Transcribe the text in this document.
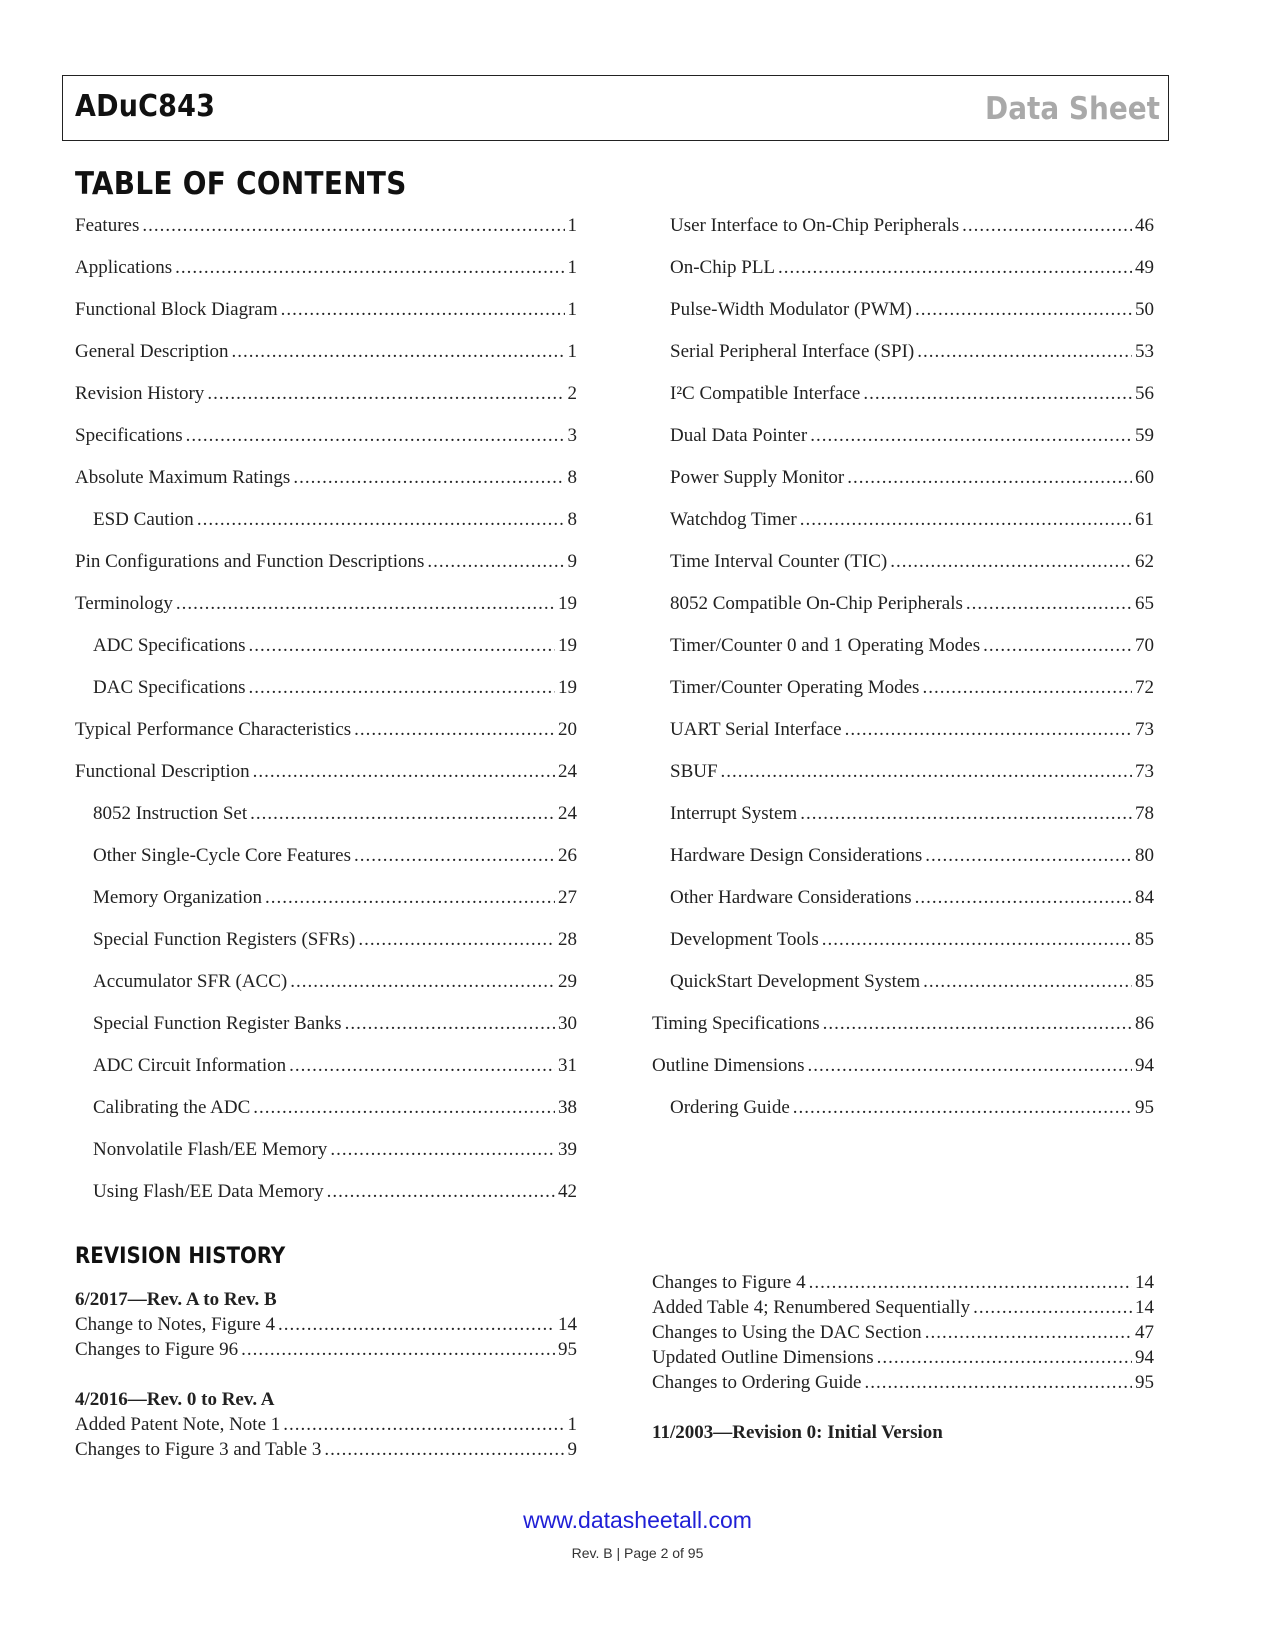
ADuC843	Data Sheet
TABLE OF CONTENTS
Features .....	1
Applications .....	1
Functional Block Diagram .....	1
General Description .....	1
Revision History .....	2
Specifications .....	3
Absolute Maximum Ratings .....	8
ESD Caution .....	8
Pin Configurations and Function Descriptions .....	9
Terminology .....	19
ADC Specifications .....	19
DAC Specifications .....	19
Typical Performance Characteristics .....	20
Functional Description .....	24
8052 Instruction Set .....	24
Other Single-Cycle Core Features .....	26
Memory Organization .....	27
Special Function Registers (SFRs) .....	28
Accumulator SFR (ACC) .....	29
Special Function Register Banks .....	30
ADC Circuit Information .....	31
Calibrating the ADC .....	38
Nonvolatile Flash/EE Memory .....	39
Using Flash/EE Data Memory .....	42
User Interface to On-Chip Peripherals .....	46
On-Chip PLL .....	49
Pulse-Width Modulator (PWM) .....	50
Serial Peripheral Interface (SPI) .....	53
I²C Compatible Interface .....	56
Dual Data Pointer .....	59
Power Supply Monitor .....	60
Watchdog Timer .....	61
Time Interval Counter (TIC) .....	62
8052 Compatible On-Chip Peripherals .....	65
Timer/Counter 0 and 1 Operating Modes .....	70
Timer/Counter Operating Modes .....	72
UART Serial Interface .....	73
SBUF .....	73
Interrupt System .....	78
Hardware Design Considerations .....	80
Other Hardware Considerations .....	84
Development Tools .....	85
QuickStart Development System .....	85
Timing Specifications .....	86
Outline Dimensions .....	94
Ordering Guide .....	95
REVISION HISTORY
6/2017—Rev. A to Rev. B
Change to Notes, Figure 4 .....	14
Changes to Figure 96 .....	95
4/2016—Rev. 0 to Rev. A
Added Patent Note, Note 1 .....	1
Changes to Figure 3 and Table 3 .....	9
Changes to Figure 4 .....	14
Added Table 4; Renumbered Sequentially .....	14
Changes to Using the DAC Section .....	47
Updated Outline Dimensions .....	94
Changes to Ordering Guide .....	95
11/2003—Revision 0: Initial Version
www.datasheetall.com
Rev. B | Page 2 of 95
